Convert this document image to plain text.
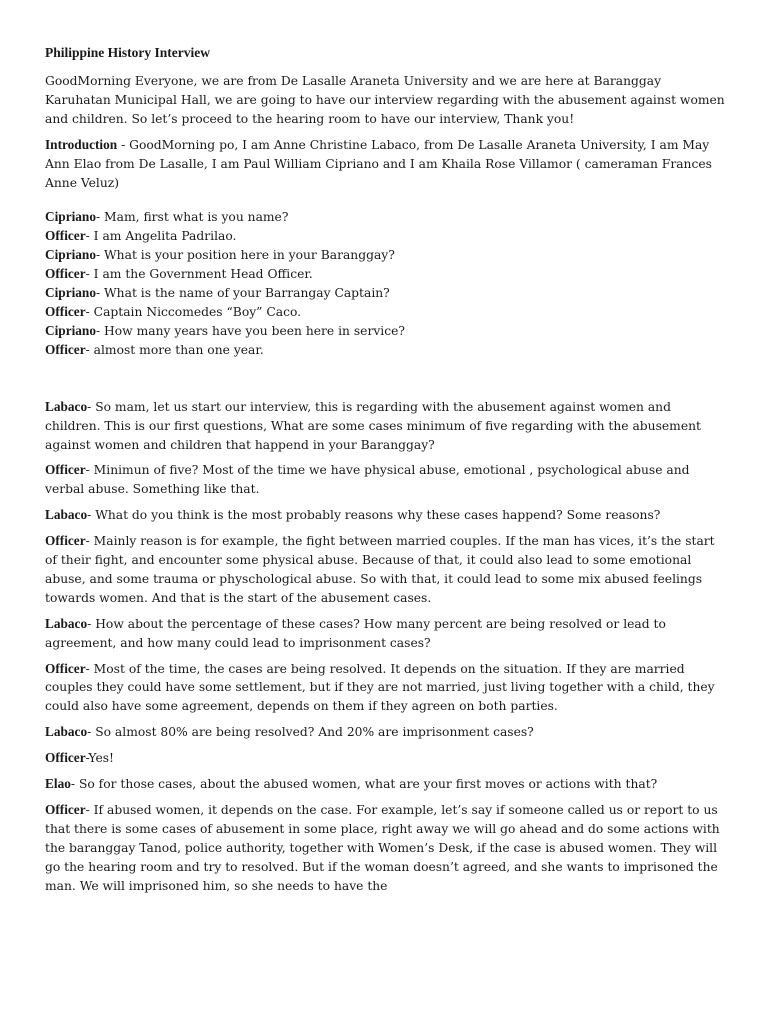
Philippine History Interview

GoodMorning Everyone, we are from De Lasalle Araneta University and we are here at Baranggay Karuhatan Municipal Hall, we are going to have our interview regarding with the abusement against women and children. So let’s proceed to the hearing room to have our interview, Thank you!

Introduction - GoodMorning po, I am Anne Christine Labaco, from De Lasalle Araneta University, I am May Ann Elao from De Lasalle, I am Paul William Cipriano and I am Khaila Rose Villamor ( cameraman Frances Anne Veluz)

Cipriano- Mam, first what is you name?
Officer- I am Angelita Padrilao.
Cipriano- What is your position here in your Baranggay?
Officer- I am the Government Head Officer.
Cipriano- What is the name of your Barrangay Captain?
Officer- Captain Niccomedes “Boy” Caco.
Cipriano- How many years have you been here in service?
Officer- almost more than one year.

Labaco- So mam, let us start our interview, this is regarding with the abusement against women and children. This is our first questions, What are some cases minimum of five regarding with the abusement against women and children that happend in your Baranggay?

Officer- Minimun of five? Most of the time we have physical abuse, emotional , psychological abuse and verbal abuse. Something like that.

Labaco- What do you think is the most probably reasons why these cases happend? Some reasons?

Officer- Mainly reason is for example, the fight between married couples. If the man has vices, it’s the start of their fight, and encounter some physical abuse. Because of that, it could also lead to some emotional abuse, and some trauma or physchological abuse. So with that, it could lead to some mix abused feelings towards women. And that is the start of the abusement cases.

Labaco- How about the percentage of these cases? How many percent are being resolved or lead to agreement, and how many could lead to imprisonment cases?

Officer- Most of the time, the cases are being resolved. It depends on the situation. If they are married couples they could have some settlement, but if they are not married, just living together with a child, they could also have some agreement, depends on them if they agreen on both parties.

Labaco- So almost 80% are being resolved? And 20% are imprisonment cases?

Officer-Yes!

Elao- So for those cases, about the abused women, what are your first moves or actions with that?

Officer- If abused women, it depends on the case. For example, let’s say if someone called us or report to us that there is some cases of abusement in some place, right away we will go ahead and do some actions with the baranggay Tanod, police authority, together with Women’s Desk, if the case is abused women. They will go the hearing room and try to resolved. But if the woman doesn’t agreed, and she wants to imprisoned the man. We will imprisoned him, so she needs to have the
